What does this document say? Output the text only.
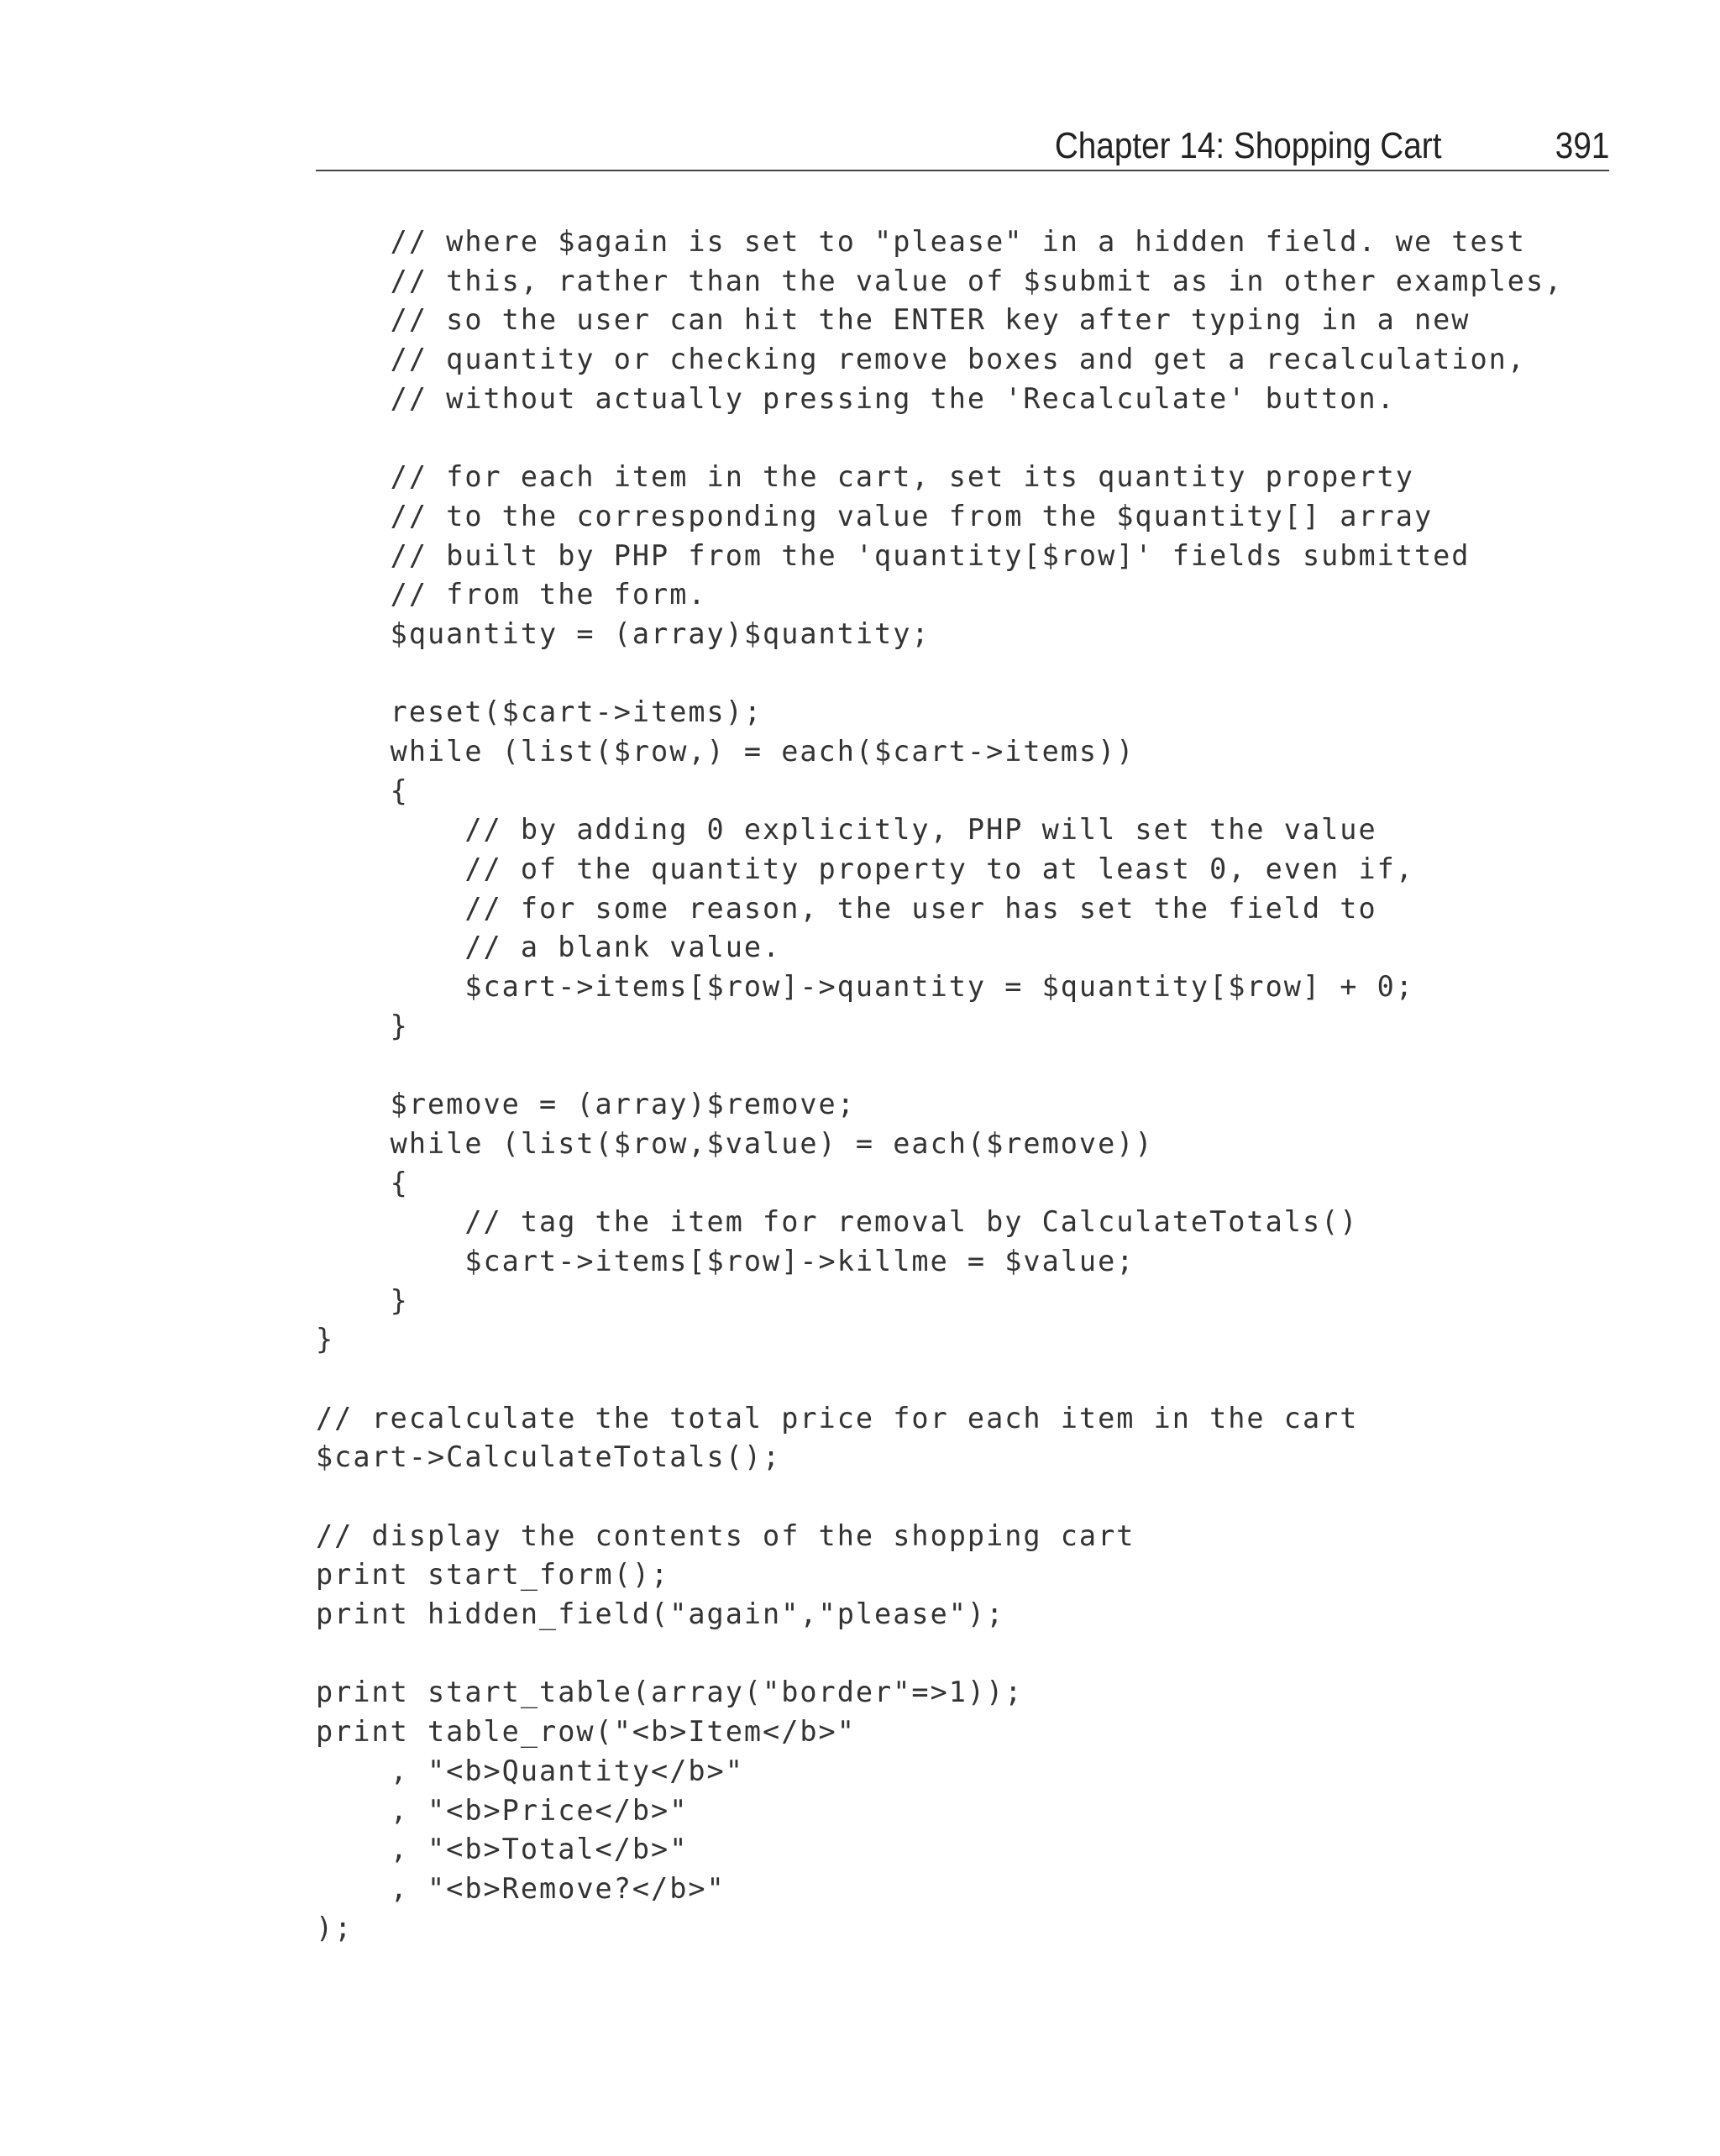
Chapter 14: Shopping Cart	391
// where $again is set to "please" in a hidden field. we test
// this, rather than the value of $submit as in other examples,
// so the user can hit the ENTER key after typing in a new
// quantity or checking remove boxes and get a recalculation,
// without actually pressing the 'Recalculate' button.

// for each item in the cart, set its quantity property
// to the corresponding value from the $quantity[] array
// built by PHP from the 'quantity[$row]' fields submitted
// from the form.
$quantity = (array)$quantity;

reset($cart->items);
while (list($row,) = each($cart->items))
{
// by adding 0 explicitly, PHP will set the value
// of the quantity property to at least 0, even if,
// for some reason, the user has set the field to
// a blank value.
$cart->items[$row]->quantity = $quantity[$row] + 0;
}

$remove = (array)$remove;
while (list($row,$value) = each($remove))
{
// tag the item for removal by CalculateTotals()
$cart->items[$row]->killme = $value;
}
}

// recalculate the total price for each item in the cart
$cart->CalculateTotals();

// display the contents of the shopping cart
print start_form();
print hidden_field("again","please");

print start_table(array("border"=>1));
print table_row("<b>Item</b>"
, "<b>Quantity</b>"
, "<b>Price</b>"
, "<b>Total</b>"
, "<b>Remove?</b>"
);
